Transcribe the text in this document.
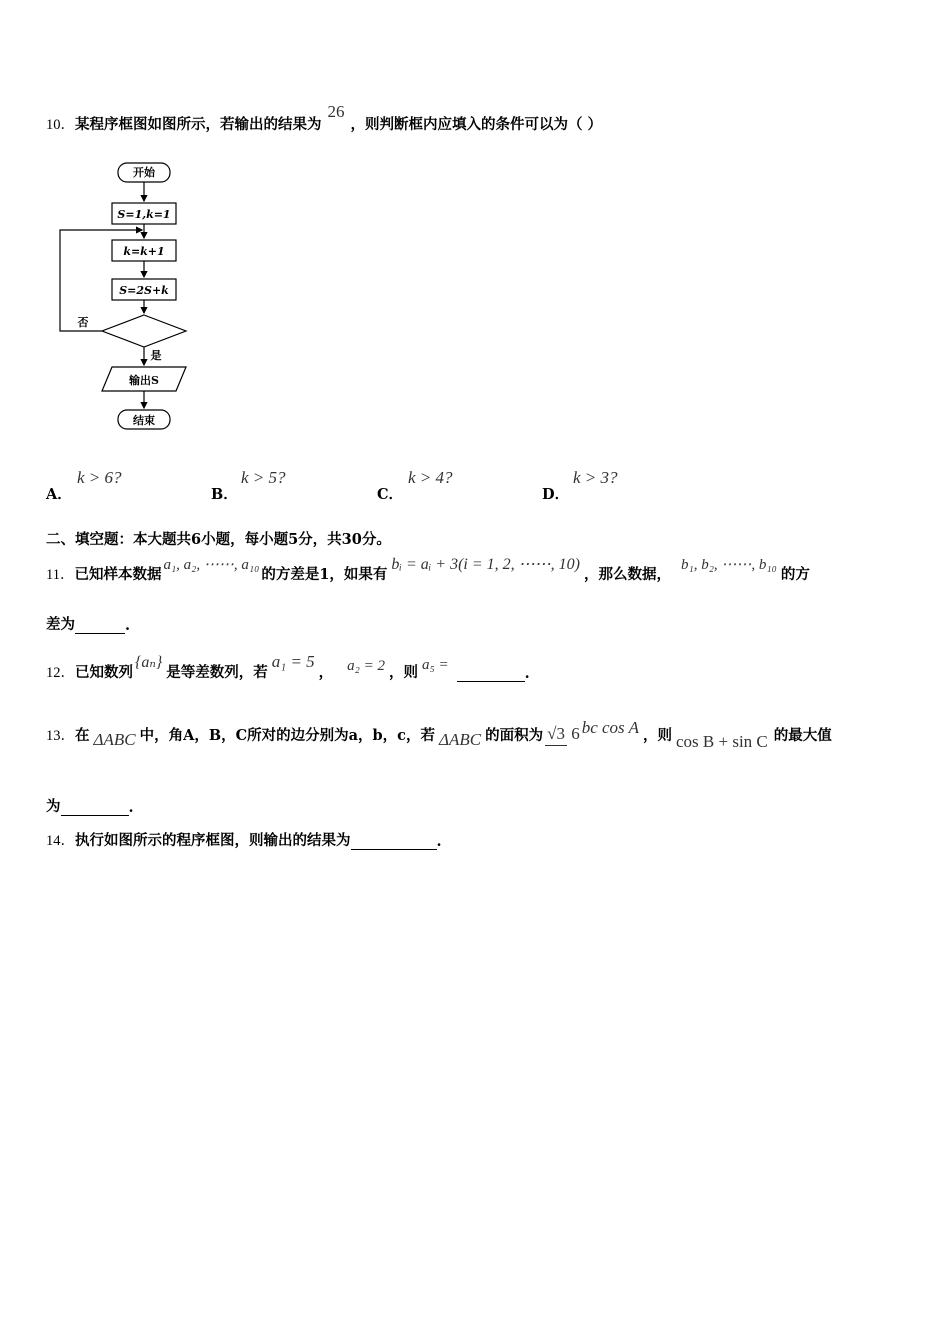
10． 某程序框图如图所示，若输出的结果为
26
，则判断框内应填入的条件可以为（ ）
开始
S=1,k=1
k=k+1
S=2S+k
否
是
输出S
结束
A．
k > 6?
B．
k > 5?
C．
k > 4?
D．
k > 3?
二、填空题：本大题共6小题，每小题5分，共30分。
11． 已知样本数据
a₁, a₂, ⋯⋯, a₁₀
的方差是1，如果有
bᵢ = aᵢ + 3(i = 1, 2, ⋯⋯, 10)
，那么数据，
b₁, b₂, ⋯⋯, b₁₀
的方
差为	.
12． 已知数列
{aₙ}
是等差数列，若
a₁ = 5
， a₂ = 2 ，则 a₅ =	.
13． 在 ΔABC 中，角A，B，C所对的边分别为a，b，c，若 ΔABC 的面积为 √3 6 bc cos A ，则 cos B + sin C 的最大值
为	.
14． 执行如图所示的程序框图，则输出的结果为	.
